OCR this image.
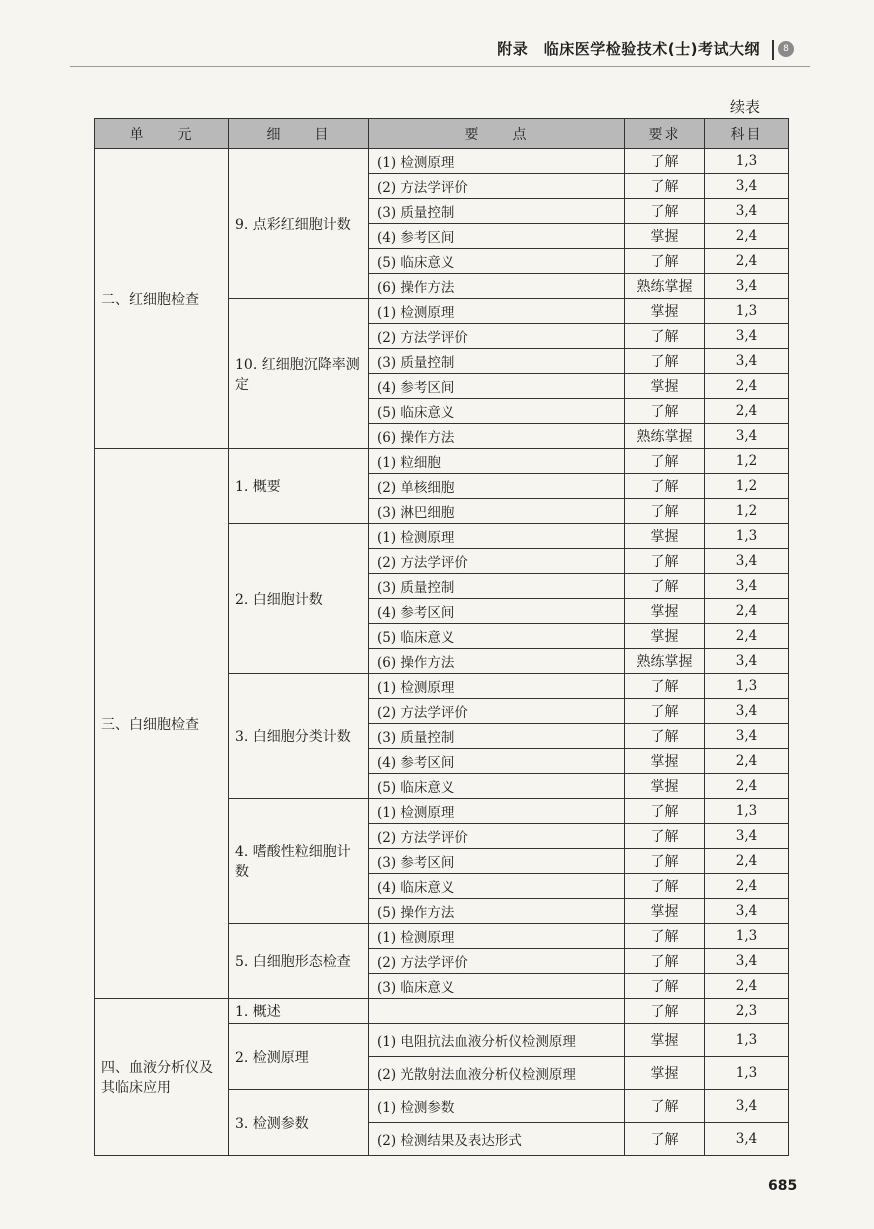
附录　临床医学检验技术(士)考试大纲	8
续表
单　　元	细　　目	要　　点	要求	科目
二、红细胞检查	9. 点彩红细胞计数	(1) 检测原理	了解	1,3
		(2) 方法学评价	了解	3,4
		(3) 质量控制	了解	3,4
		(4) 参考区间	掌握	2,4
		(5) 临床意义	了解	2,4
		(6) 操作方法	熟练掌握	3,4
	10. 红细胞沉降率测定	(1) 检测原理	掌握	1,3
		(2) 方法学评价	了解	3,4
		(3) 质量控制	了解	3,4
		(4) 参考区间	掌握	2,4
		(5) 临床意义	了解	2,4
		(6) 操作方法	熟练掌握	3,4
三、白细胞检查	1. 概要	(1) 粒细胞	了解	1,2
		(2) 单核细胞	了解	1,2
		(3) 淋巴细胞	了解	1,2
	2. 白细胞计数	(1) 检测原理	掌握	1,3
		(2) 方法学评价	了解	3,4
		(3) 质量控制	了解	3,4
		(4) 参考区间	掌握	2,4
		(5) 临床意义	掌握	2,4
		(6) 操作方法	熟练掌握	3,4
	3. 白细胞分类计数	(1) 检测原理	了解	1,3
		(2) 方法学评价	了解	3,4
		(3) 质量控制	了解	3,4
		(4) 参考区间	掌握	2,4
		(5) 临床意义	掌握	2,4
	4. 嗜酸性粒细胞计数	(1) 检测原理	了解	1,3
		(2) 方法学评价	了解	3,4
		(3) 参考区间	了解	2,4
		(4) 临床意义	了解	2,4
		(5) 操作方法	掌握	3,4
	5. 白细胞形态检查	(1) 检测原理	了解	1,3
		(2) 方法学评价	了解	3,4
		(3) 临床意义	了解	2,4
四、血液分析仪及其临床应用	1. 概述		了解	2,3
	2. 检测原理	(1) 电阻抗法血液分析仪检测原理	掌握	1,3
		(2) 光散射法血液分析仪检测原理	掌握	1,3
	3. 检测参数	(1) 检测参数	了解	3,4
		(2) 检测结果及表达形式	了解	3,4
685
